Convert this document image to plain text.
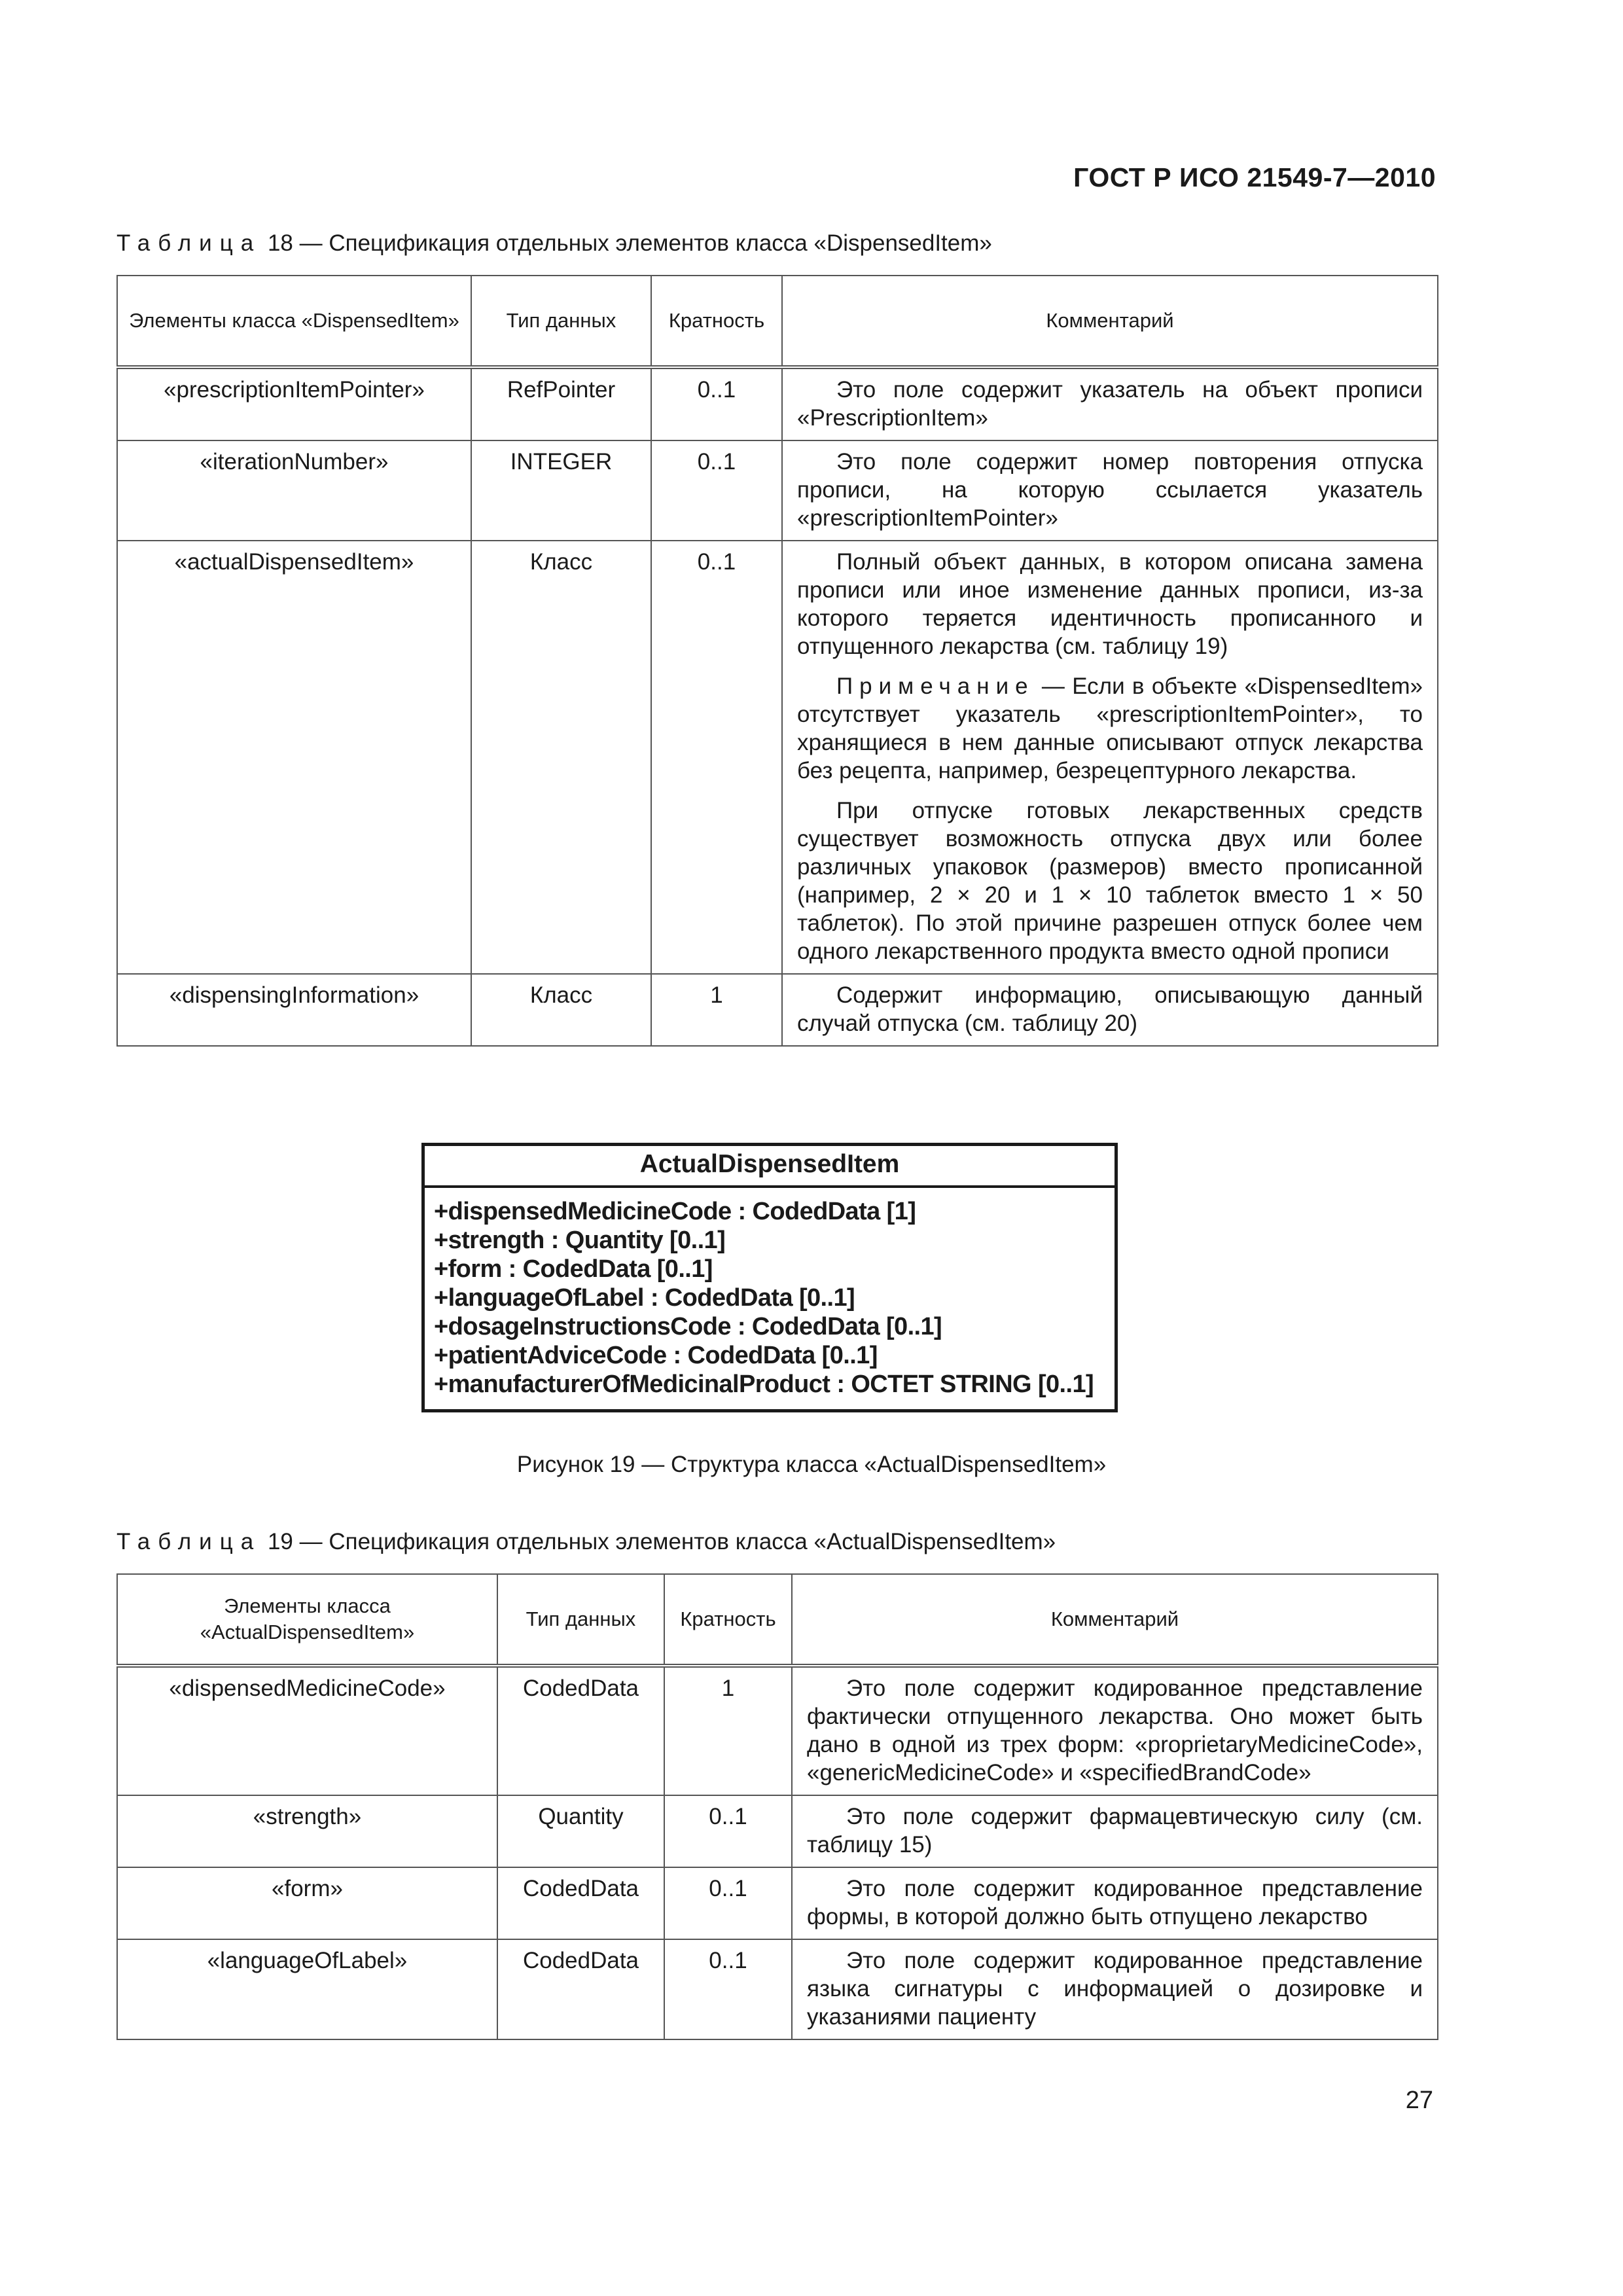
ГОСТ Р ИСО 21549-7—2010
Таблица 18 — Спецификация отдельных элементов класса «DispensedItem»
Элементы класса «DispensedItem»	Тип данных	Кратность	Комментарий
«prescriptionItemPointer»	RefPointer	0..1	Это поле содержит указатель на объект прописи «PrescriptionItem»

«iterationNumber»	INTEGER	0..1	Это поле содержит номер повторения отпуска прописи, на которую ссылается указатель «prescriptionItemPointer»

«actualDispensedItem»	Класс	0..1	Полный объект данных, в котором описана замена прописи или иное изменение данных прописи, из-за которого теряется идентичность прописанного и отпущенного лекарства (см. таблицу 19)

Примечание — Если в объекте «DispensedItem» отсутствует указатель «prescriptionItemPointer», то хранящиеся в нем данные описывают отпуск лекарства без рецепта, например, безрецептурного лекарства.

При отпуске готовых лекарственных средств существует возможность отпуска двух или более различных упаковок (размеров) вместо прописанной (например, 2 × 20 и 1 × 10 таблеток вместо 1 × 50 таблеток). По этой причине разрешен отпуск более чем одного лекарственного продукта вместо одной прописи

«dispensingInformation»	Класс	1	Содержит информацию, описывающую данный случай отпуска (см. таблицу 20)

ActualDispensedItem
+dispensedMedicineCode : CodedData [1]
+strength : Quantity [0..1]
+form : CodedData [0..1]
+languageOfLabel : CodedData [0..1]
+dosageInstructionsCode : CodedData [0..1]
+patientAdviceCode : CodedData [0..1]
+manufacturerOfMedicinalProduct : OCTET STRING [0..1]
Рисунок 19 — Структура класса «ActualDispensedItem»
Таблица 19 — Спецификация отдельных элементов класса «ActualDispensedItem»
Элементы класса «ActualDispensedItem»	Тип данных	Кратность	Комментарий
«dispensedMedicineCode»	CodedData	1	Это поле содержит кодированное представление фактически отпущенного лекарства. Оно может быть дано в одной из трех форм: «proprietaryMedicineCode», «genericMedicineCode» и «specifiedBrandCode»

«strength»	Quantity	0..1	Это поле содержит фармацевтическую силу (см. таблицу 15)

«form»	CodedData	0..1	Это поле содержит кодированное представление формы, в которой должно быть отпущено лекарство

«languageOfLabel»	CodedData	0..1	Это поле содержит кодированное представление языка сигнатуры с информацией о дозировке и указаниями пациенту

27
